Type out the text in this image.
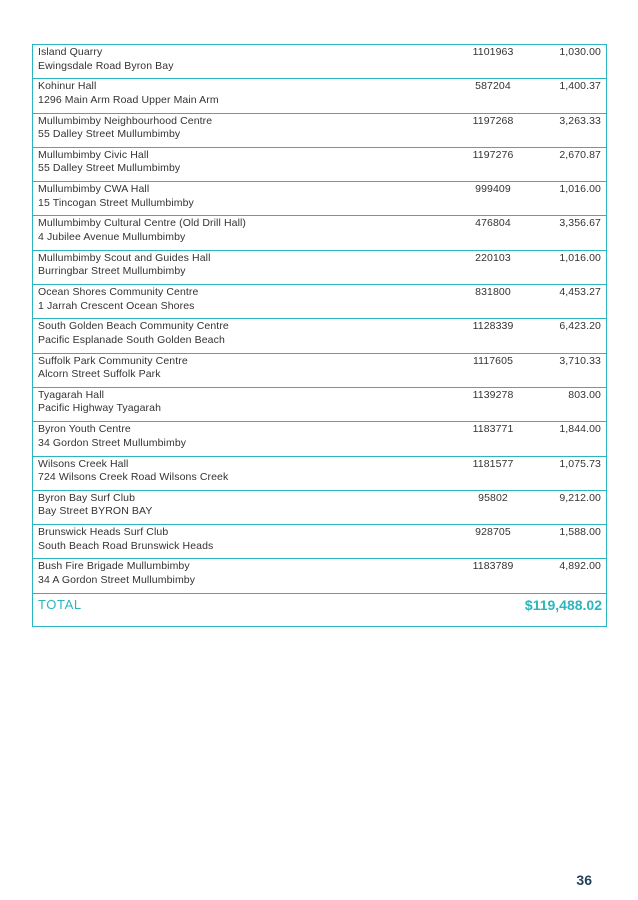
Island Quarry
Ewingsdale Road Byron Bay
1101963	1,030.00
Kohinur Hall
1296 Main Arm Road Upper Main Arm
587204	1,400.37
Mullumbimby Neighbourhood Centre
55 Dalley Street Mullumbimby
1197268	3,263.33
Mullumbimby Civic Hall
55 Dalley Street Mullumbimby
1197276	2,670.87
Mullumbimby CWA Hall
15 Tincogan Street Mullumbimby
999409	1,016.00
Mullumbimby Cultural Centre (Old Drill Hall)
4 Jubilee Avenue Mullumbimby
476804	3,356.67
Mullumbimby Scout and Guides Hall
Burringbar Street Mullumbimby
220103	1,016.00
Ocean Shores Community Centre
1 Jarrah Crescent Ocean Shores
831800	4,453.27
South Golden Beach Community Centre
Pacific Esplanade South Golden Beach
1128339	6,423.20
Suffolk Park Community Centre
Alcorn Street Suffolk Park
1117605	3,710.33
Tyagarah Hall
Pacific Highway Tyagarah
1139278	803.00
Byron Youth Centre
34 Gordon Street Mullumbimby
1183771	1,844.00
Wilsons Creek Hall
724 Wilsons Creek Road Wilsons Creek
1181577	1,075.73
Byron Bay Surf Club
Bay Street BYRON BAY
95802	9,212.00
Brunswick Heads Surf Club
South Beach Road Brunswick Heads
928705	1,588.00
Bush Fire Brigade Mullumbimby
34 A Gordon Street Mullumbimby
1183789	4,892.00
TOTAL	$119,488.02
36
